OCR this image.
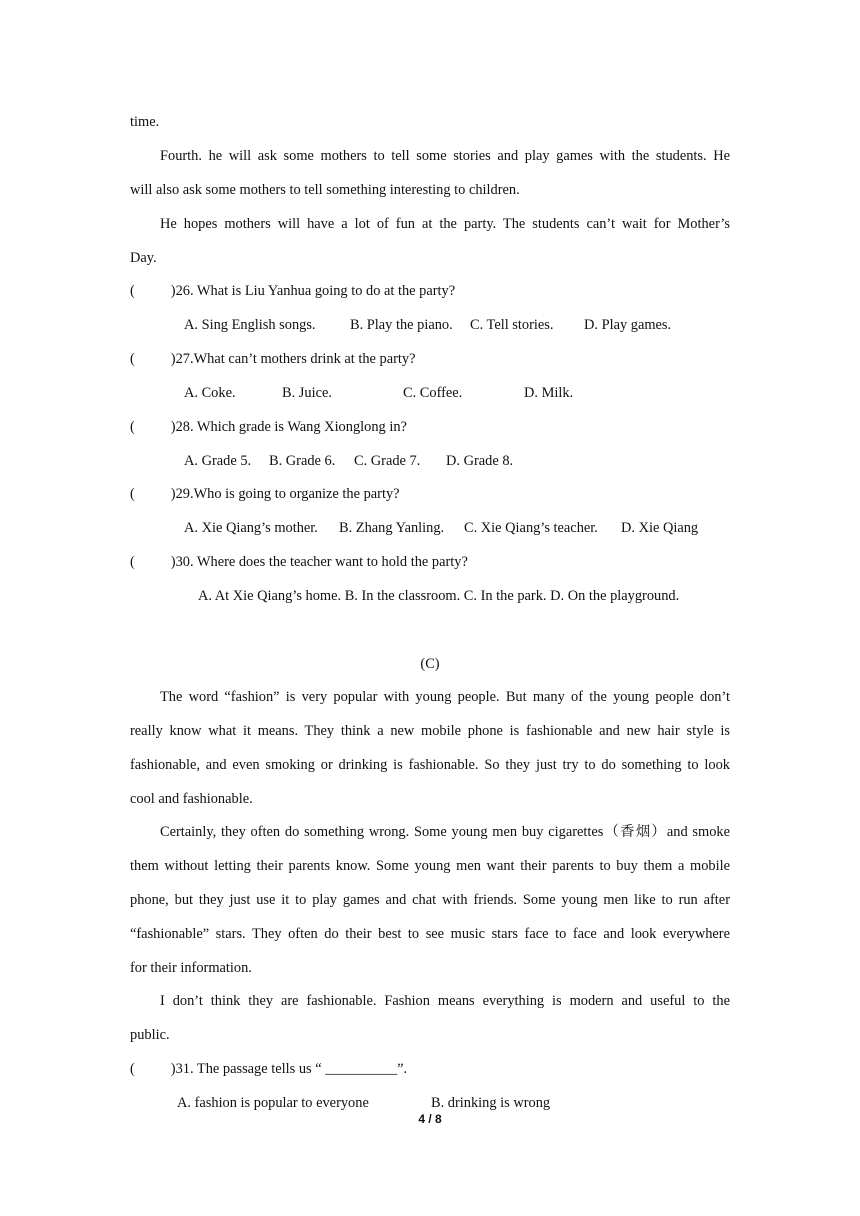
time.
Fourth. he will ask some mothers to tell some stories and play games with the students. He
will also ask some mothers to tell something interesting to children.
He hopes mothers will have a lot of fun at the party. The students can’t wait for Mother’s
Day.
(	)26. What is Liu Yanhua going to do at the party?
A. Sing English songs. B. Play the piano. C. Tell stories. D. Play games.
(	)27.What can’t mothers drink at the party?
A. Coke.	B. Juice.	C. Coffee.	D. Milk.
(	)28. Which grade is Wang Xionglong in?
A. Grade 5. B. Grade 6. C. Grade 7. D. Grade 8.
(	)29.Who is going to organize the party?
A. Xie Qiang’s mother. B. Zhang Yanling. C. Xie Qiang’s teacher. D. Xie Qiang
(	)30. Where does the teacher want to hold the party?
A. At Xie Qiang’s home. B. In the classroom. C. In the park. D. On the playground.
(C)
The word “fashion” is very popular with young people. But many of the young people don’t
really know what it means. They think a new mobile phone is fashionable and new hair style is
fashionable, and even smoking or drinking is fashionable. So they just try to do something to look
cool and fashionable.
Certainly, they often do something wrong. Some young men buy cigarettes（香烟）and smoke
them without letting their parents know. Some young men want their parents to buy them a mobile
phone, but they just use it to play games and chat with friends. Some young men like to run after
“fashionable” stars. They often do their best to see music stars face to face and look everywhere
for their information.
I don’t think they are fashionable. Fashion means everything is modern and useful to the
public.
(	)31. The passage tells us “ __________”.
A. fashion is popular to everyone	B. drinking is wrong
4 / 8
